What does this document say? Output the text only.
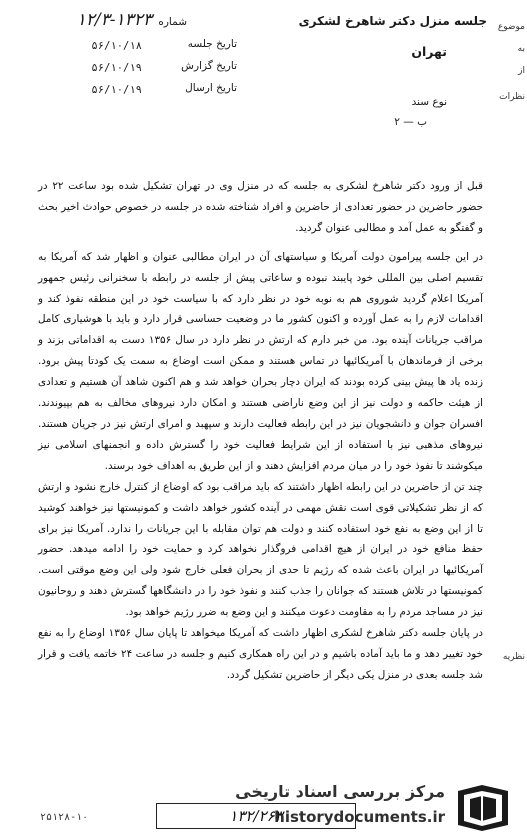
جلسه منزل دکتر شاهرخ لشکری
شماره
۱۲/۳-۱۳۲۳
تهران
تاریخ جلسه
۵۶/۱۰/۱۸
تاریخ گزارش
۵۶/۱۰/۱۹
تاریخ ارسال
۵۶/۱۰/۱۹
نوع سند
ب — ۲
موضوع
به
از
نظرات

قبل از ورود دکتر شاهرخ لشکری به جلسه که در منزل وی در تهران تشکیل شده بود ساعت ۲۲ در حضور حاضرین در حضور تعدادی از حاضرین و افراد شناخته شده در جلسه در خصوص حوادث اخیر بحث و گفتگو به عمل آمد و مطالبی عنوان گردید.

در این جلسه پیرامون دولت آمریکا و سیاستهای آن در ایران مطالبی عنوان و اظهار شد که آمریکا به تقسیم اصلی بین المللی خود پایبند نبوده و ساعاتی پیش از جلسه در رابطه با سخنرانی رئیس جمهور آمریکا اعلام گردید شوروی هم به نوبه خود در نظر دارد که با سیاست خود در این منطقه نفوذ کند و اقدامات لازم را به عمل آورده و اکنون کشور ما در وضعیت حساسی قرار دارد و باید با هوشیاری کامل مراقب جریانات آینده بود. من خبر دارم که ارتش در نظر دارد در سال ۱۳۵۶ دست به اقداماتی بزند و برخی از فرماندهان با آمریکائیها در تماس هستند و ممکن است اوضاع به سمت یک کودتا پیش برود. زنده یاد ها پیش بینی کرده بودند که ایران دچار بحران خواهد شد و هم اکنون شاهد آن هستیم و تعدادی از هیئت حاکمه و دولت نیز از این وضع ناراضی هستند و امکان دارد نیروهای مخالف به هم بپیوندند. افسران جوان و دانشجویان نیز در این رابطه فعالیت دارند و سپهبد و امرای ارتش نیز در جریان هستند. نیروهای مذهبی نیز با استفاده از این شرایط فعالیت خود را گسترش داده و انجمنهای اسلامی نیز میکوشند تا نفوذ خود را در میان مردم افزایش دهند و از این طریق به اهداف خود برسند.

چند تن از حاضرین در این رابطه اظهار داشتند که باید مراقب بود که اوضاع از کنترل خارج نشود و ارتش که از نظر تشکیلاتی قوی است نقش مهمی در آینده کشور خواهد داشت و کمونیستها نیز خواهند کوشید تا از این وضع به نفع خود استفاده کنند و دولت هم توان مقابله با این جریانات را ندارد. آمریکا نیز برای حفظ منافع خود در ایران از هیچ اقدامی فروگذار نخواهد کرد و حمایت خود را ادامه میدهد. حضور آمریکائیها در ایران باعث شده که رژیم تا حدی از بحران فعلی خارج شود ولی این وضع موقتی است. کمونیستها در تلاش هستند که جوانان را جذب کنند و نفوذ خود را در دانشگاهها گسترش دهند و روحانیون نیز در مساجد مردم را به مقاومت دعوت میکنند و این وضع به ضرر رژیم خواهد بود.

در پایان جلسه دکتر شاهرخ لشکری اظهار داشت که آمریکا میخواهد تا پایان سال ۱۳۵۶ اوضاع را به نفع خود تغییر دهد و ما باید آماده باشیم و در این راه همکاری کنیم و جلسه در ساعت ۲۴ خاتمه یافت و قرار شد جلسه بعدی در منزل یکی دیگر از حاضرین تشکیل گردد.

نظریه
۱۳۲/۲۶۳
۲۵۱۲۸-۱۰
مرکز بررسی اسناد تاریخی
historydocuments.ir
